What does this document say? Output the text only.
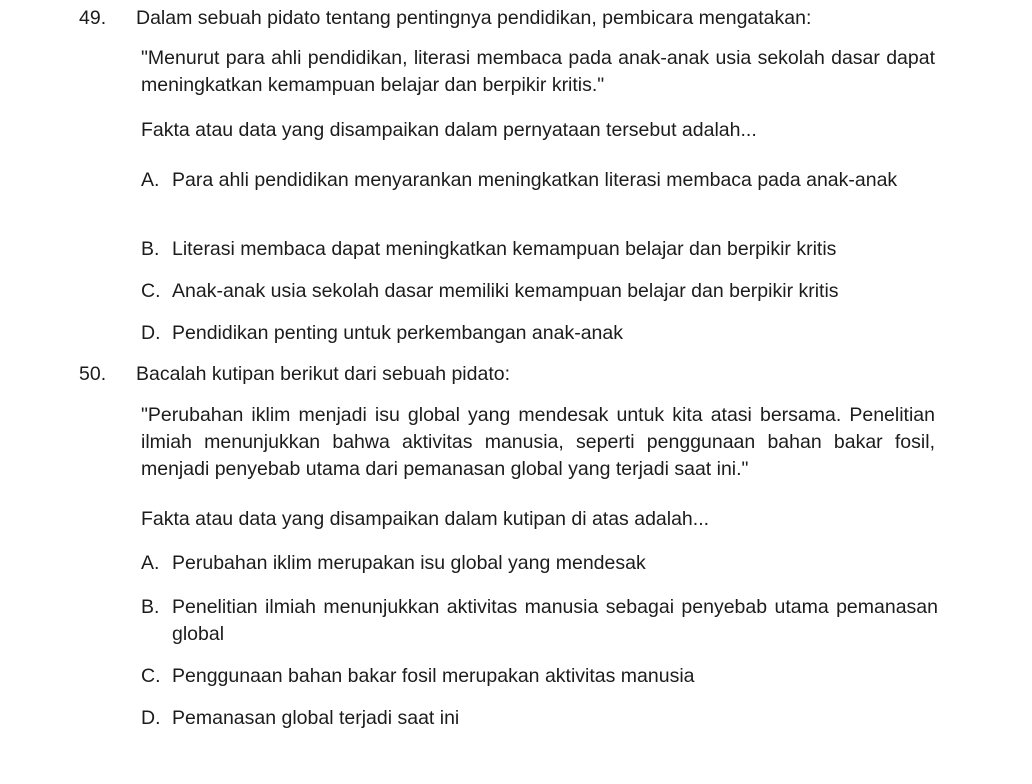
49. Dalam sebuah pidato tentang pentingnya pendidikan, pembicara mengatakan:
"Menurut para ahli pendidikan, literasi membaca pada anak-anak usia sekolah dasar dapat meningkatkan kemampuan belajar dan berpikir kritis."
Fakta atau data yang disampaikan dalam pernyataan tersebut adalah...
A. Para ahli pendidikan menyarankan meningkatkan literasi membaca pada anak-anak
B. Literasi membaca dapat meningkatkan kemampuan belajar dan berpikir kritis
C. Anak-anak usia sekolah dasar memiliki kemampuan belajar dan berpikir kritis
D. Pendidikan penting untuk perkembangan anak-anak
50. Bacalah kutipan berikut dari sebuah pidato:
"Perubahan iklim menjadi isu global yang mendesak untuk kita atasi bersama. Penelitian ilmiah menunjukkan bahwa aktivitas manusia, seperti penggunaan bahan bakar fosil, menjadi penyebab utama dari pemanasan global yang terjadi saat ini."
Fakta atau data yang disampaikan dalam kutipan di atas adalah...
A. Perubahan iklim merupakan isu global yang mendesak
B. Penelitian ilmiah menunjukkan aktivitas manusia sebagai penyebab utama pemanasan global
C. Penggunaan bahan bakar fosil merupakan aktivitas manusia
D. Pemanasan global terjadi saat ini
